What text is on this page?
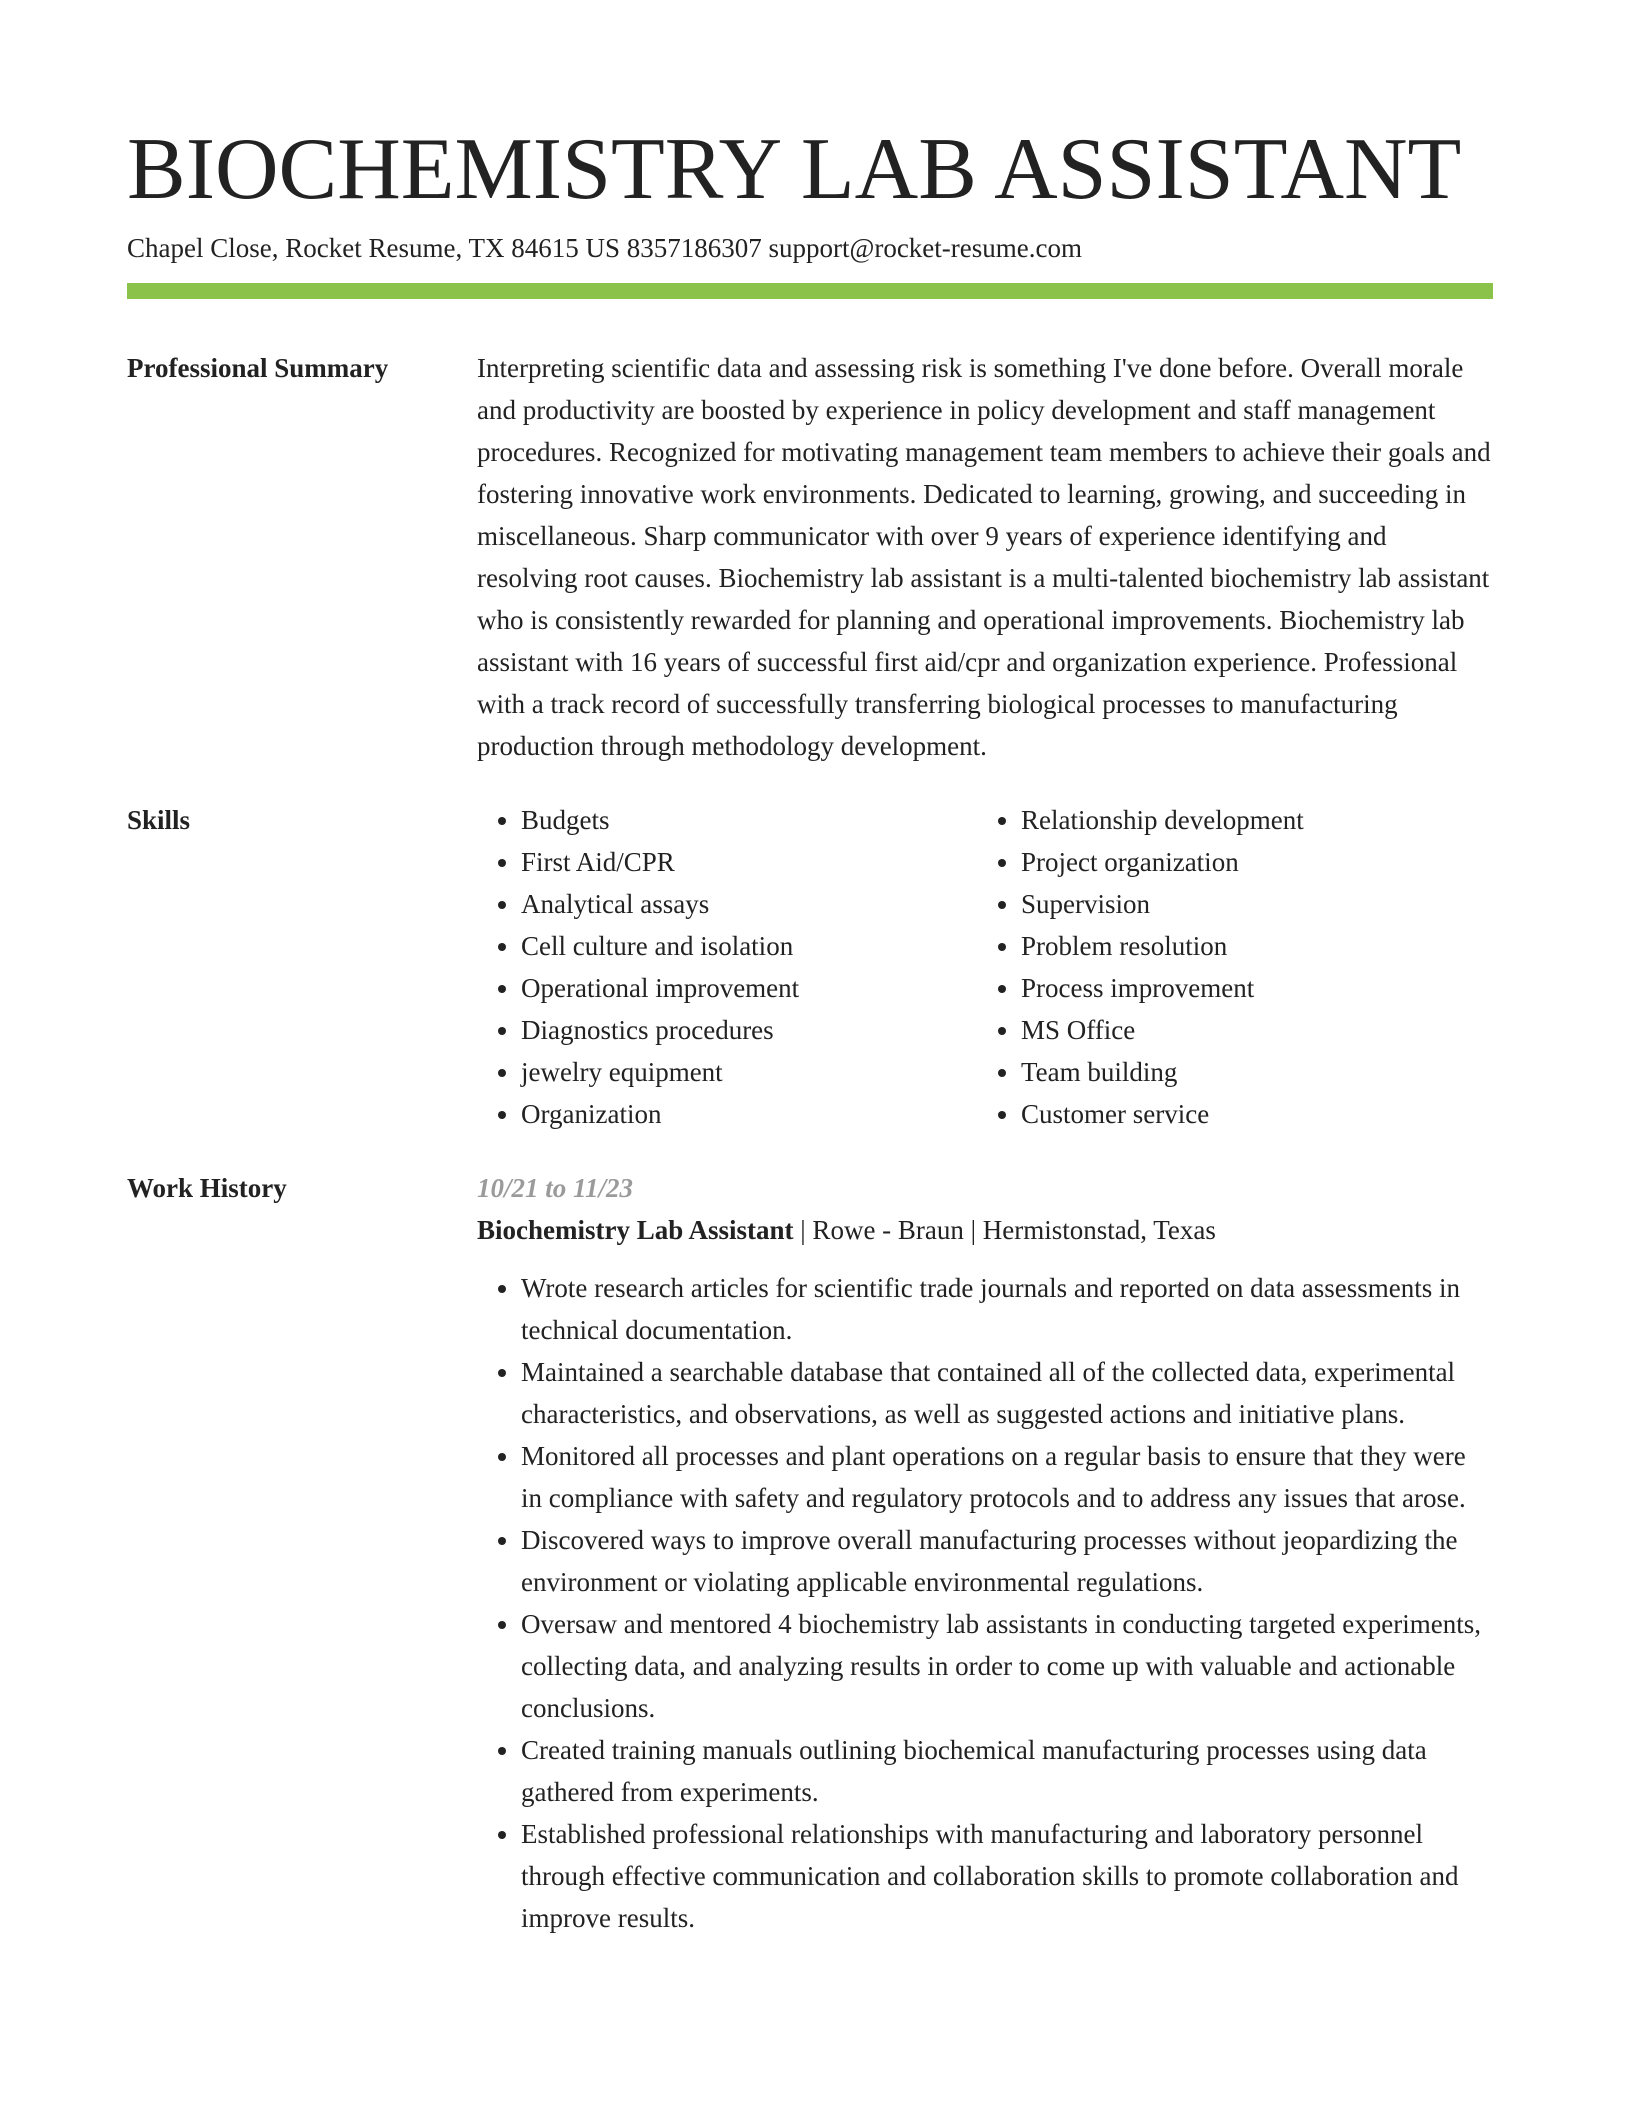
BIOCHEMISTRY LAB ASSISTANT
Chapel Close, Rocket Resume, TX 84615 US 8357186307 support@rocket-resume.com
Professional Summary	Interpreting scientific data and assessing risk is something I've done before. Overall morale and productivity are boosted by experience in policy development and staff management procedures. Recognized for motivating management team members to achieve their goals and fostering innovative work environments. Dedicated to learning, growing, and succeeding in miscellaneous. Sharp communicator with over 9 years of experience identifying and resolving root causes. Biochemistry lab assistant is a multi-talented biochemistry lab assistant who is consistently rewarded for planning and operational improvements. Biochemistry lab assistant with 16 years of successful first aid/cpr and organization experience. Professional with a track record of successfully transferring biological processes to manufacturing production through methodology development.

Skills
•	Budgets
• First Aid/CPR
• Analytical assays
• Cell culture and isolation
• Operational improvement
• Diagnostics procedures
• jewelry equipment
• Organization
• Relationship development
• Project organization
• Supervision
• Problem resolution
• Process improvement
• MS Office
• Team building
• Customer service
Work History	10/21 to 11/23
Biochemistry Lab Assistant | Rowe - Braun | Hermistonstad, Texas
• Wrote research articles for scientific trade journals and reported on data assessments in technical documentation.
• Maintained a searchable database that contained all of the collected data, experimental characteristics, and observations, as well as suggested actions and initiative plans.
• Monitored all processes and plant operations on a regular basis to ensure that they were in compliance with safety and regulatory protocols and to address any issues that arose.
• Discovered ways to improve overall manufacturing processes without jeopardizing the environment or violating applicable environmental regulations.
• Oversaw and mentored 4 biochemistry lab assistants in conducting targeted experiments, collecting data, and analyzing results in order to come up with valuable and actionable conclusions.
• Created training manuals outlining biochemical manufacturing processes using data gathered from experiments.
• Established professional relationships with manufacturing and laboratory personnel through effective communication and collaboration skills to promote collaboration and improve results.
